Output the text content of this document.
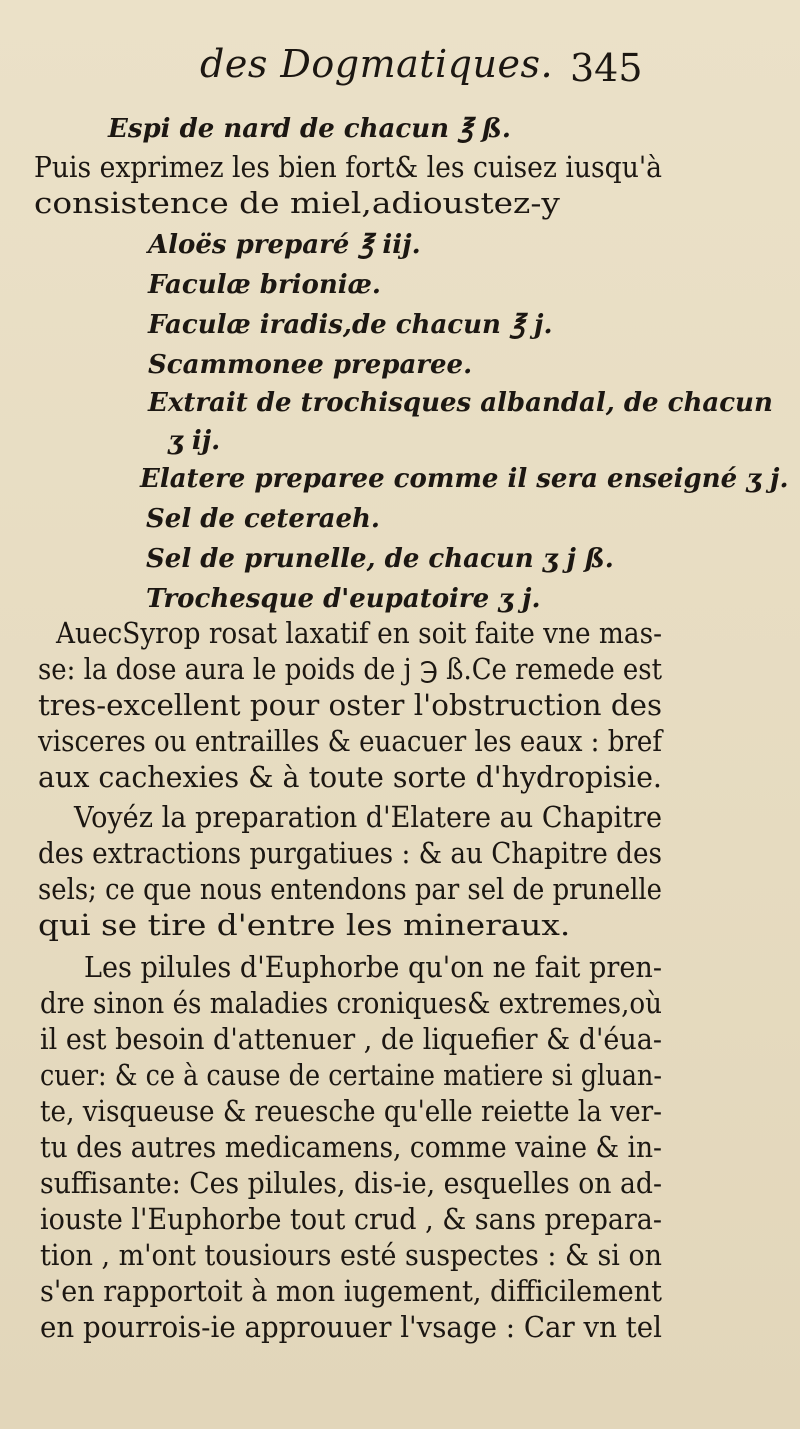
des Dogmatiques. 345
Espi de nard de chacun ℥ ß.
Puis exprimez les bien fort& les cuisez iusqu'à
consistence de miel,adioustez-y
Aloës preparé ℥ iij.
Faculæ brioniæ.
Faculæ iradis,de chacun ℥ j.
Scammonee preparee.
Extrait de trochisques albandal, de chacun
ʒ ij.
Elatere preparee comme il sera enseigné ʒ j.
Sel de ceteraeh.
Sel de prunelle, de chacun ʒ j ß.
Trochesque d'eupatoire ʒ j.
AuecSyrop rosat laxatif en soit faite vne mas-
se: la dose aura le poids de j ℈ ß.Ce remede est
tres-excellent pour oster l'obstruction des
visceres ou entrailles & euacuer les eaux : bref
aux cachexies & à toute sorte d'hydropisie.
Voyéz la preparation d'Elatere au Chapitre
des extractions purgatiues : & au Chapitre des
sels; ce que nous entendons par sel de prunelle
qui se tire d'entre les mineraux.
Les pilules d'Euphorbe qu'on ne fait pren-
dre sinon és maladies croniques& extremes,où
il est besoin d'attenuer , de liquefier & d'éua-
cuer: & ce à cause de certaine matiere si gluan-
te, visqueuse & reuesche qu'elle reiette la ver-
tu des autres medicamens, comme vaine & in-
suffisante: Ces pilules, dis-ie, esquelles on ad-
iouste l'Euphorbe tout crud , & sans prepara-
tion , m'ont tousiours esté suspectes : & si on
s'en rapportoit à mon iugement, difficilement
en pourrois-ie approuuer l'vsage : Car vn tel
